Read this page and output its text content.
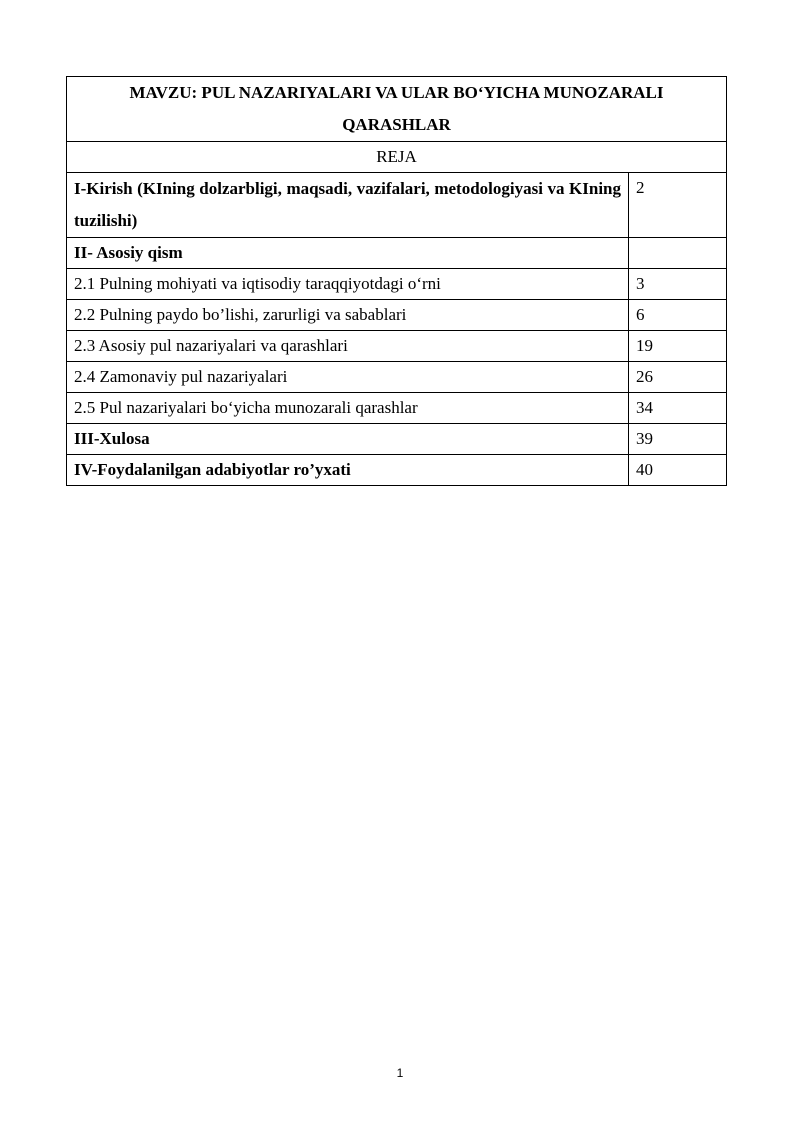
MAVZU: PUL NAZARIYALARI VA ULAR BO‘YICHA MUNOZARALI QARASHLAR	
REJA	
I-Kirish (KIning dolzarbligi, maqsadi, vazifalari, metodologiyasi va KIning tuzilishi)	2
II- Asosiy qism	
2.1 Pulning mohiyati va iqtisodiy taraqqiyotdagi o‘rni	3
2.2 Pulning paydo bo’lishi, zarurligi va sabablari	6
2.3 Asosiy pul nazariyalari va qarashlari	19
2.4 Zamonaviy pul nazariyalari	26
2.5 Pul nazariyalari bo‘yicha munozarali qarashlar	34
III-Xulosa	39
IV-Foydalanilgan adabiyotlar ro’yxati	40
1
